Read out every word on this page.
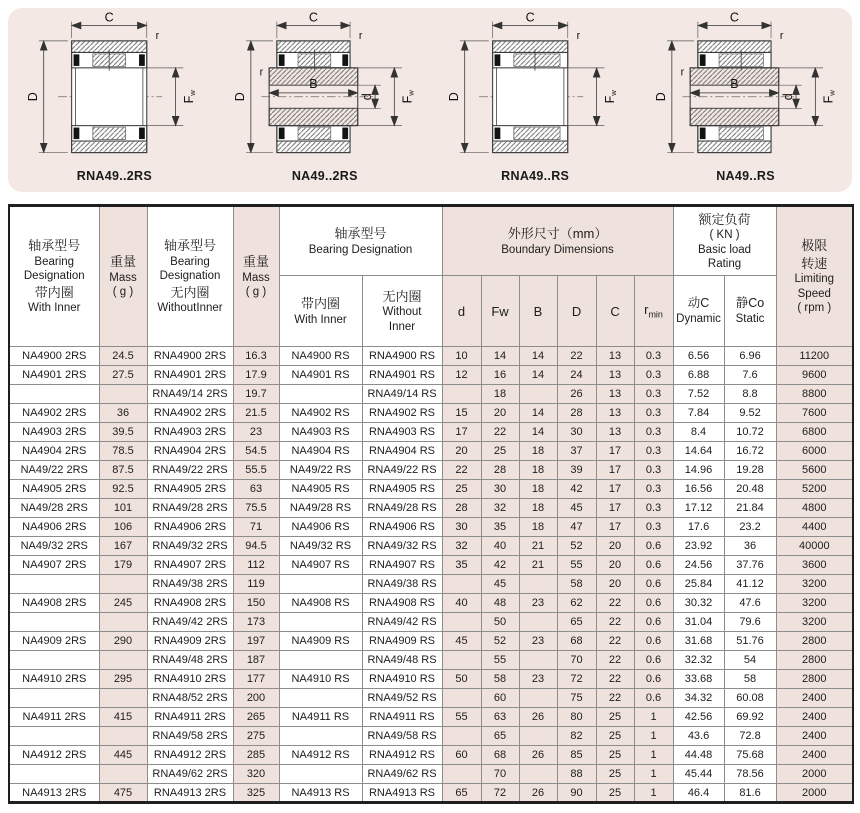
C
r
D	Fw
RNA49..2RS
C
r
r
D
B
d Fw
NA49..2RS
C
r
D	Fw
RNA49..RS
C
r
r
D
B
d Fw
NA49..RS
轴承型号
Bearing
Designation
带内圈
With Inner	重量
Mass
( g )	轴承型号
Bearing
Designation
无内圈
WithoutInner	重量
Mass
( g )	轴承型号
Bearing Designation		外形尺寸（mm）
Boundary Dimensions						额定负荷
( KN )
Basic load
Rating		极限
转速
Limiting
Speed
( rpm )

				带内圈
With Inner	无内圈
Without
Inner	d	Fw	B	D	C	$r_{min}$	动C
Dynamic	静Co
Static	

NA4900 2RS	24.5	RNA4900 2RS	16.3	NA4900 RS	RNA4900 RS	10	14	14	22	13	0.3	6.56	6.96	11200
NA4901 2RS	27.5	RNA4901 2RS	17.9	NA4901 RS	RNA4901 RS	12	16	14	24	13	0.3	6.88	7.6	9600
		RNA49/14 2RS	19.7		RNA49/14 RS		18		26	13	0.3	7.52	8.8	8800
NA4902 2RS	36	RNA4902 2RS	21.5	NA4902 RS	RNA4902 RS	15	20	14	28	13	0.3	7.84	9.52	7600
NA4903 2RS	39.5	RNA4903 2RS	23	NA4903 RS	RNA4903 RS	17	22	14	30	13	0.3	8.4	10.72	6800
NA4904 2RS	78.5	RNA4904 2RS	54.5	NA4904 RS	RNA4904 RS	20	25	18	37	17	0.3	14.64	16.72	6000
NA49/22 2RS	87.5	RNA49/22 2RS	55.5	NA49/22 RS	RNA49/22 RS	22	28	18	39	17	0.3	14.96	19.28	5600
NA4905 2RS	92.5	RNA4905 2RS	63	NA4905 RS	RNA4905 RS	25	30	18	42	17	0.3	16.56	20.48	5200
NA49/28 2RS	101	RNA49/28 2RS	75.5	NA49/28 RS	RNA49/28 RS	28	32	18	45	17	0.3	17.12	21.84	4800
NA4906 2RS	106	RNA4906 2RS	71	NA4906 RS	RNA4906 RS	30	35	18	47	17	0.3	17.6	23.2	4400
NA49/32 2RS	167	RNA49/32 2RS	94.5	NA49/32 RS	RNA49/32 RS	32	40	21	52	20	0.6	23.92	36	40000
NA4907 2RS	179	RNA4907 2RS	112	NA4907 RS	RNA4907 RS	35	42	21	55	20	0.6	24.56	37.76	3600
		RNA49/38 2RS	119		RNA49/38 RS		45		58	20	0.6	25.84	41.12	3200
NA4908 2RS	245	RNA4908 2RS	150	NA4908 RS	RNA4908 RS	40	48	23	62	22	0.6	30.32	47.6	3200
		RNA49/42 2RS	173		RNA49/42 RS		50		65	22	0.6	31.04	79.6	3200
NA4909 2RS	290	RNA4909 2RS	197	NA4909 RS	RNA4909 RS	45	52	23	68	22	0.6	31.68	51.76	2800
		RNA49/48 2RS	187		RNA49/48 RS		55		70	22	0.6	32.32	54	2800
NA4910 2RS	295	RNA4910 2RS	177	NA4910 RS	RNA4910 RS	50	58	23	72	22	0.6	33.68	58	2800
		RNA48/52 2RS	200		RNA49/52 RS		60		75	22	0.6	34.32	60.08	2400
NA4911 2RS	415	RNA4911 2RS	265	NA4911 RS	RNA4911 RS	55	63	26	80	25	1	42.56	69.92	2400
		RNA49/58 2RS	275		RNA49/58 RS		65		82	25	1	43.6	72.8	2400
NA4912 2RS	445	RNA4912 2RS	285	NA4912 RS	RNA4912 RS	60	68	26	85	25	1	44.48	75.68	2400
		RNA49/62 2RS	320		RNA49/62 RS		70		88	25	1	45.44	78.56	2000
NA4913 2RS	475	RNA4913 2RS	325	NA4913 RS	RNA4913 RS	65	72	26	90	25	1	46.4	81.6	2000
